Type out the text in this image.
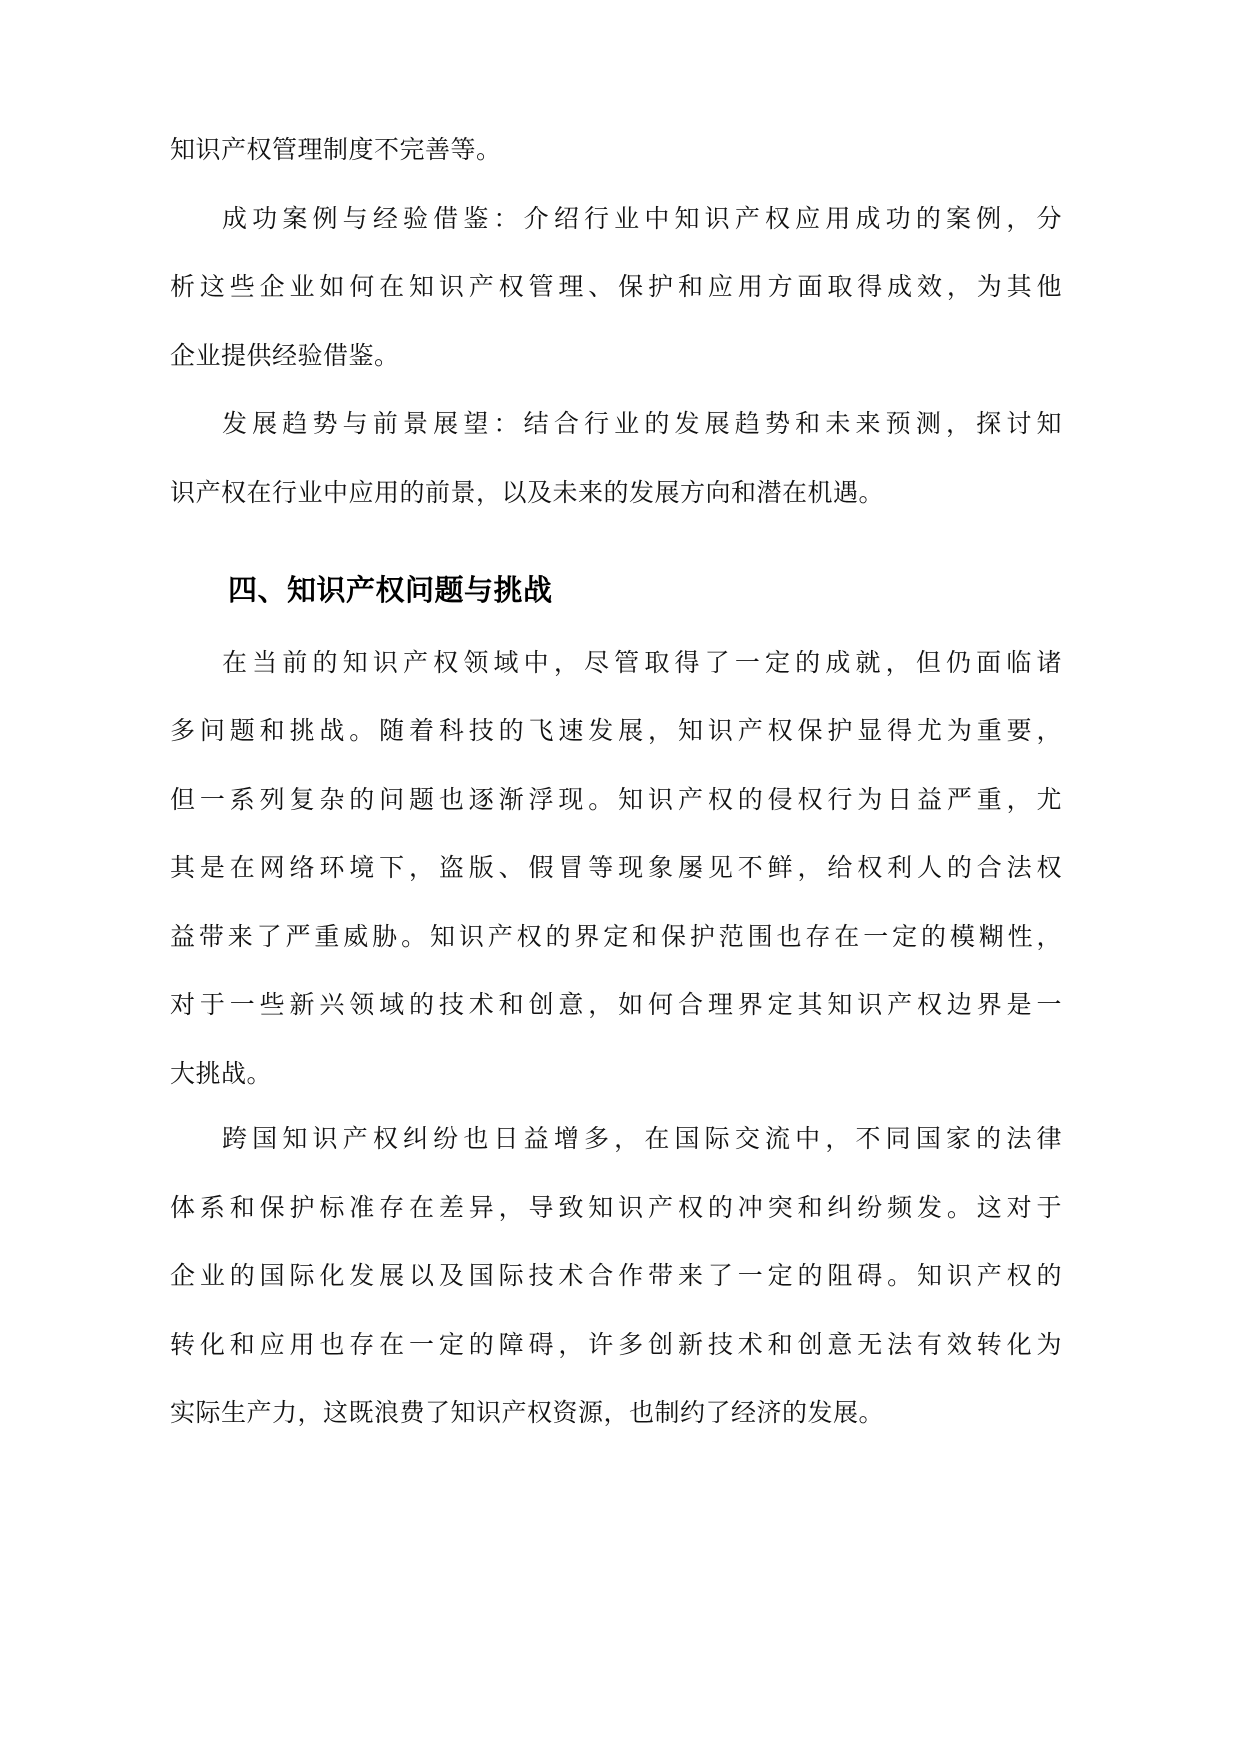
知识产权管理制度不完善等。
成功案例与经验借鉴：介绍行业中知识产权应用成功的案例，分
析这些企业如何在知识产权管理、保护和应用方面取得成效，为其他
企业提供经验借鉴。
发展趋势与前景展望：结合行业的发展趋势和未来预测，探讨知
识产权在行业中应用的前景，以及未来的发展方向和潜在机遇。
四、知识产权问题与挑战
在当前的知识产权领域中，尽管取得了一定的成就，但仍面临诸
多问题和挑战。随着科技的飞速发展，知识产权保护显得尤为重要，
但一系列复杂的问题也逐渐浮现。知识产权的侵权行为日益严重，尤
其是在网络环境下，盗版、假冒等现象屡见不鲜，给权利人的合法权
益带来了严重威胁。知识产权的界定和保护范围也存在一定的模糊性，
对于一些新兴领域的技术和创意，如何合理界定其知识产权边界是一
大挑战。
跨国知识产权纠纷也日益增多，在国际交流中，不同国家的法律
体系和保护标准存在差异，导致知识产权的冲突和纠纷频发。这对于
企业的国际化发展以及国际技术合作带来了一定的阻碍。知识产权的
转化和应用也存在一定的障碍，许多创新技术和创意无法有效转化为
实际生产力，这既浪费了知识产权资源，也制约了经济的发展。
